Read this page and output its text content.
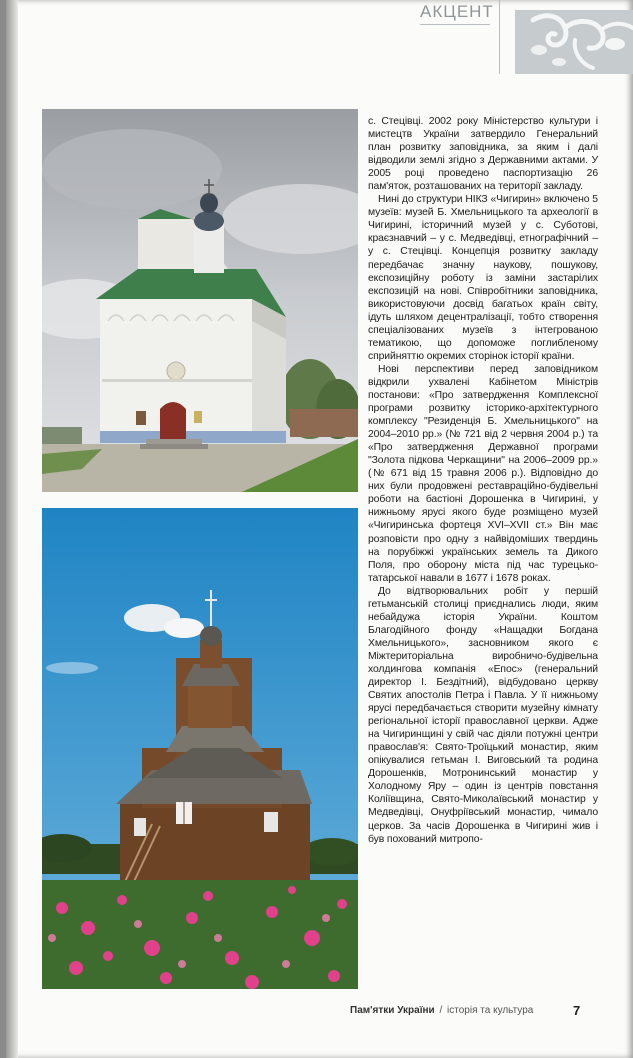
АКЦЕНТ

с. Стецівці. 2002 року Міністерство культури і мистецтв України затвердило Генеральний план розвитку заповідника, за яким і далі відводили землі згідно з Державними актами. У 2005 році проведено паспортизацію 26 пам'яток, розташованих на території закладу.

Нині до структури НІКЗ «Чигирин» включено 5 музеїв: музей Б. Хмельницького та археології в Чигирині, історичний музей у с. Суботові, краєзнавчий – у с. Медведівці, етнографічний – у с. Стецівці. Концепція розвитку закладу передбачає значну наукову, пошукову, експозиційну роботу із заміни застарілих експозицій на нові. Співробітники заповідника, використовуючи досвід багатьох країн світу, ідуть шляхом децентралізації, тобто створення спеціалізованих музеїв з інтегрованою тематикою, що допоможе поглибленому сприйняттю окремих сторінок історії країни.

Нові перспективи перед заповідником відкрили ухвалені Кабінетом Міністрів постанови: «Про затвердження Комплексної програми розвитку історико-архітектурного комплексу "Резиденція Б. Хмельницького" на 2004–2010 рр.» (№ 721 від 2 червня 2004 р.) та «Про затвердження Державної програми "Золота підкова Черкащини" на 2006–2009 рр.» (№ 671 від 15 травня 2006 р.). Відповідно до них були продовжені реставраційно-будівельні роботи на бастіоні Дорошенка в Чигирині, у нижньому ярусі якого буде розміщено музей «Чигиринська фортеця XVI–XVII ст.» Він має розповісти про одну з найвідоміших твердинь на порубіжжі українських земель та Дикого Поля, про оборону міста під час турецько-татарської навали в 1677 і 1678 роках.

До відтворювальних робіт у першій гетьманській столиці приєднались люди, яким небайдужа історія України. Коштом Благодійного фонду «Нащадки Богдана Хмельницького», засновником якого є Міжтериторіальна виробничо-будівельна холдингова компанія «Епос» (генеральний директор І. Бездітний), відбудовано церкву Святих апостолів Петра і Павла. У її нижньому ярусі передбачається створити музейну кімнату регіональної історії православної церкви. Адже на Чигиринщині у свій час діяли потужні центри православ'я: Свято-Троїцький монастир, яким опікувалися гетьман І. Виговський та родина Дорошенків, Мотронинський монастир у Холодному Яру – один із центрів повстання Коліївщина, Свято-Миколаївський монастир у Медведівці, Онуфріївський монастир, чимало церков. За часів Дорошенка в Чигирині жив і був похований митропо-

Пам'ятки України / історія та культура	7
